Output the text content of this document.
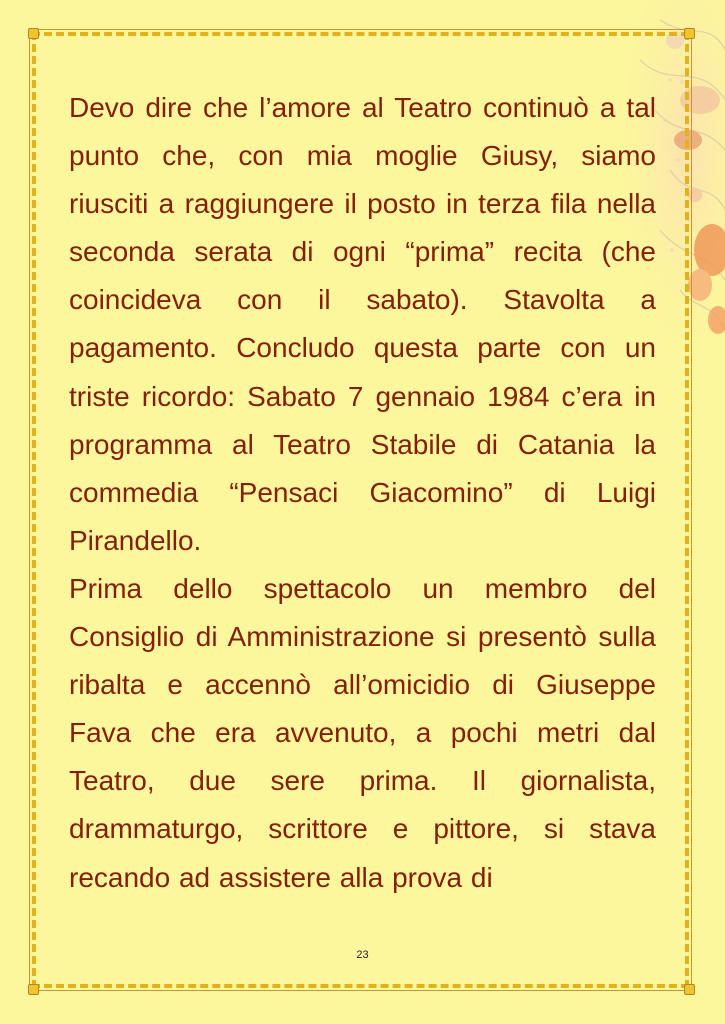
Devo dire che l’amore al Teatro continuò a tal punto che, con mia moglie Giusy, siamo riusciti a raggiungere il posto in terza fila nella seconda serata di ogni “prima” recita (che coincideva con il sabato). Stavolta a pagamento. Concludo questa parte con un triste ricordo: Sabato 7 gennaio 1984 c’era in programma al Teatro Stabile di Catania la commedia “Pensaci Giacomino” di Luigi Pirandello.

Prima dello spettacolo un membro del Consiglio di Amministrazione si presentò sulla ribalta e accennò all’omicidio di Giuseppe Fava che era avvenuto, a pochi metri dal Teatro, due sere prima. Il giornalista, drammaturgo, scrittore e pittore, si stava recando ad assistere alla prova di

23
